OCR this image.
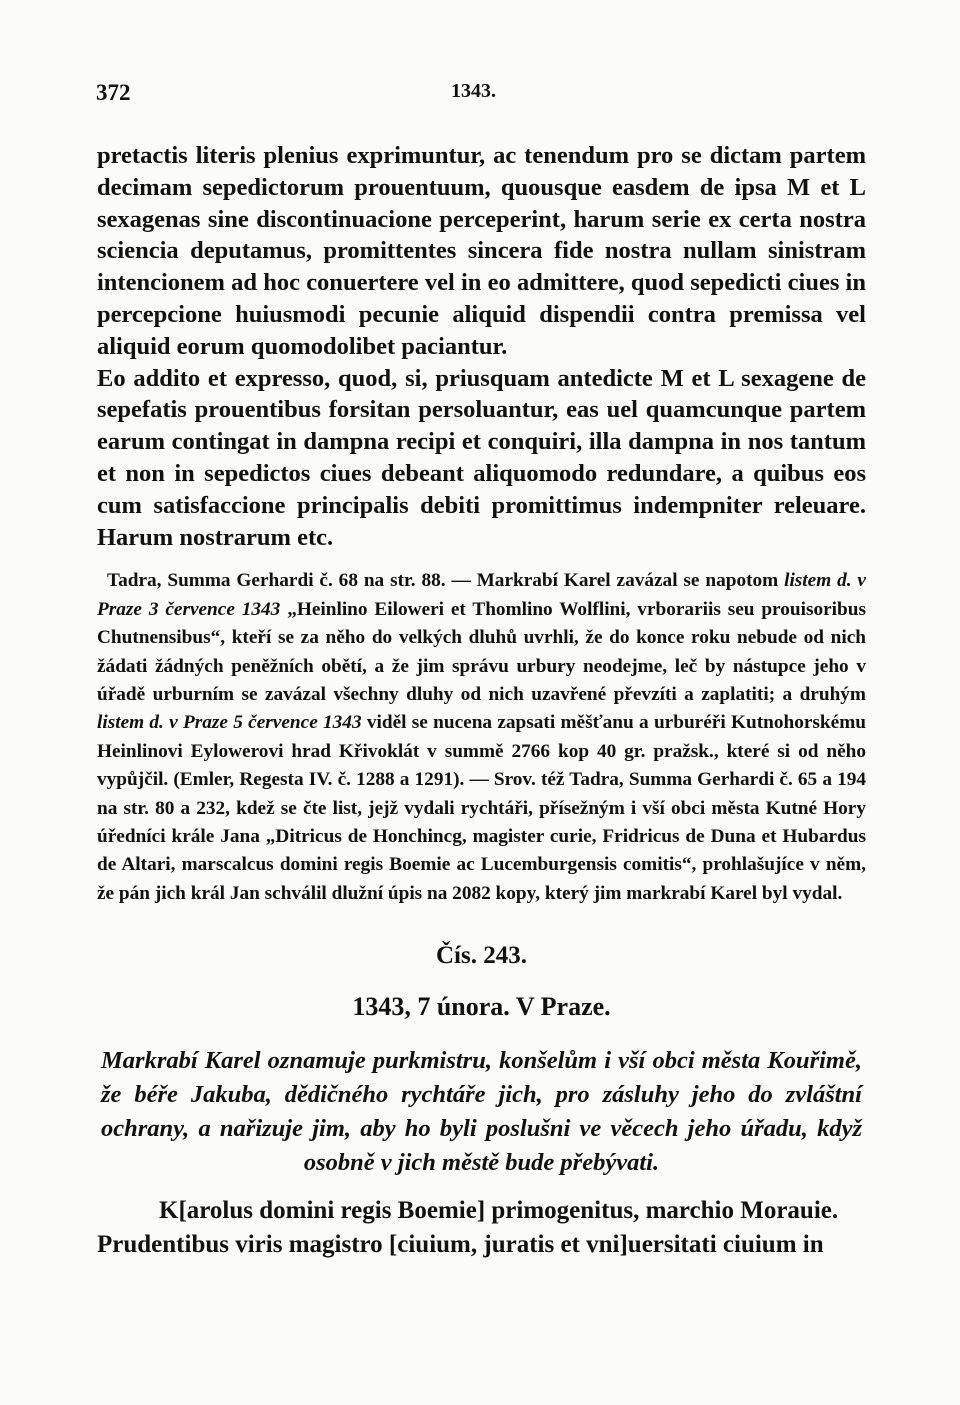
372	1343.

pretactis literis plenius exprimuntur, ac tenendum pro se dictam partem decimam sepedictorum prouentuum, quousque easdem de ipsa M et L sexagenas sine discontinuacione perceperint, harum serie ex certa nostra sciencia deputamus, promittentes sincera fide nostra nullam sinistram intencionem ad hoc conuertere vel in eo admittere, quod sepedicti ciues in percepcione huiusmodi pecunie aliquid dispendii contra premissa vel aliquid eorum quomodolibet paciantur.

Eo addito et expresso, quod, si, priusquam antedicte M et L sexagene de sepefatis prouentibus forsitan persoluantur, eas uel quamcunque partem earum contingat in dampna recipi et conquiri, illa dampna in nos tantum et non in sepedictos ciues debeant aliquomodo redundare, a quibus eos cum satisfaccione principalis debiti promittimus indempniter releuare. Harum nostrarum etc.

Tadra, Summa Gerhardi č. 68 na str. 88. — Markrabí Karel zavázal se napotom listem d. v Praze 3 července 1343 „Heinlino Eiloweri et Thomlino Wolflini, vrborariis seu prouisoribus Chutnensibus“, kteří se za něho do velkých dluhů uvrhli, že do konce roku nebude od nich žádati žádných peněžních obětí, a že jim správu urbury neodejme, leč by nástupce jeho v úřadě urburním se zavázal všechny dluhy od nich uzavřené převzíti a zaplatiti; a druhým listem d. v Praze 5 července 1343 viděl se nucena zapsati měšťanu a urburéři Kutnohorskému Heinlinovi Eylowerovi hrad Křivoklát v summě 2766 kop 40 gr. pražsk., které si od něho vypůjčil. (Emler, Regesta IV. č. 1288 a 1291). — Srov. též Tadra, Summa Gerhardi č. 65 a 194 na str. 80 a 232, kdež se čte list, jejž vydali rychtáři, přísežným i vší obci města Kutné Hory úředníci krále Jana „Ditricus de Honchincg, magister curie, Fridricus de Duna et Hubardus de Altari, marscalcus domini regis Boemie ac Lucemburgensis comitis“, prohlašujíce v něm, že pán jich král Jan schválil dlužní úpis na 2082 kopy, který jim markrabí Karel byl vydal.

Čís. 243.
1343, 7 února. V Praze.

Markrabí Karel oznamuje purkmistru, konšelům i vší obci města Kouřimě, že béře Jakuba, dědičného rychtáře jich, pro zásluhy jeho do zvláštní ochrany, a nařizuje jim, aby ho byli poslušni ve věcech jeho úřadu, když osobně v jich městě bude přebývati.

K[arolus domini regis Boemie] primogenitus, marchio Morauie.
Prudentibus viris magistro [ciuium, juratis et vni]uersitati ciuium in
